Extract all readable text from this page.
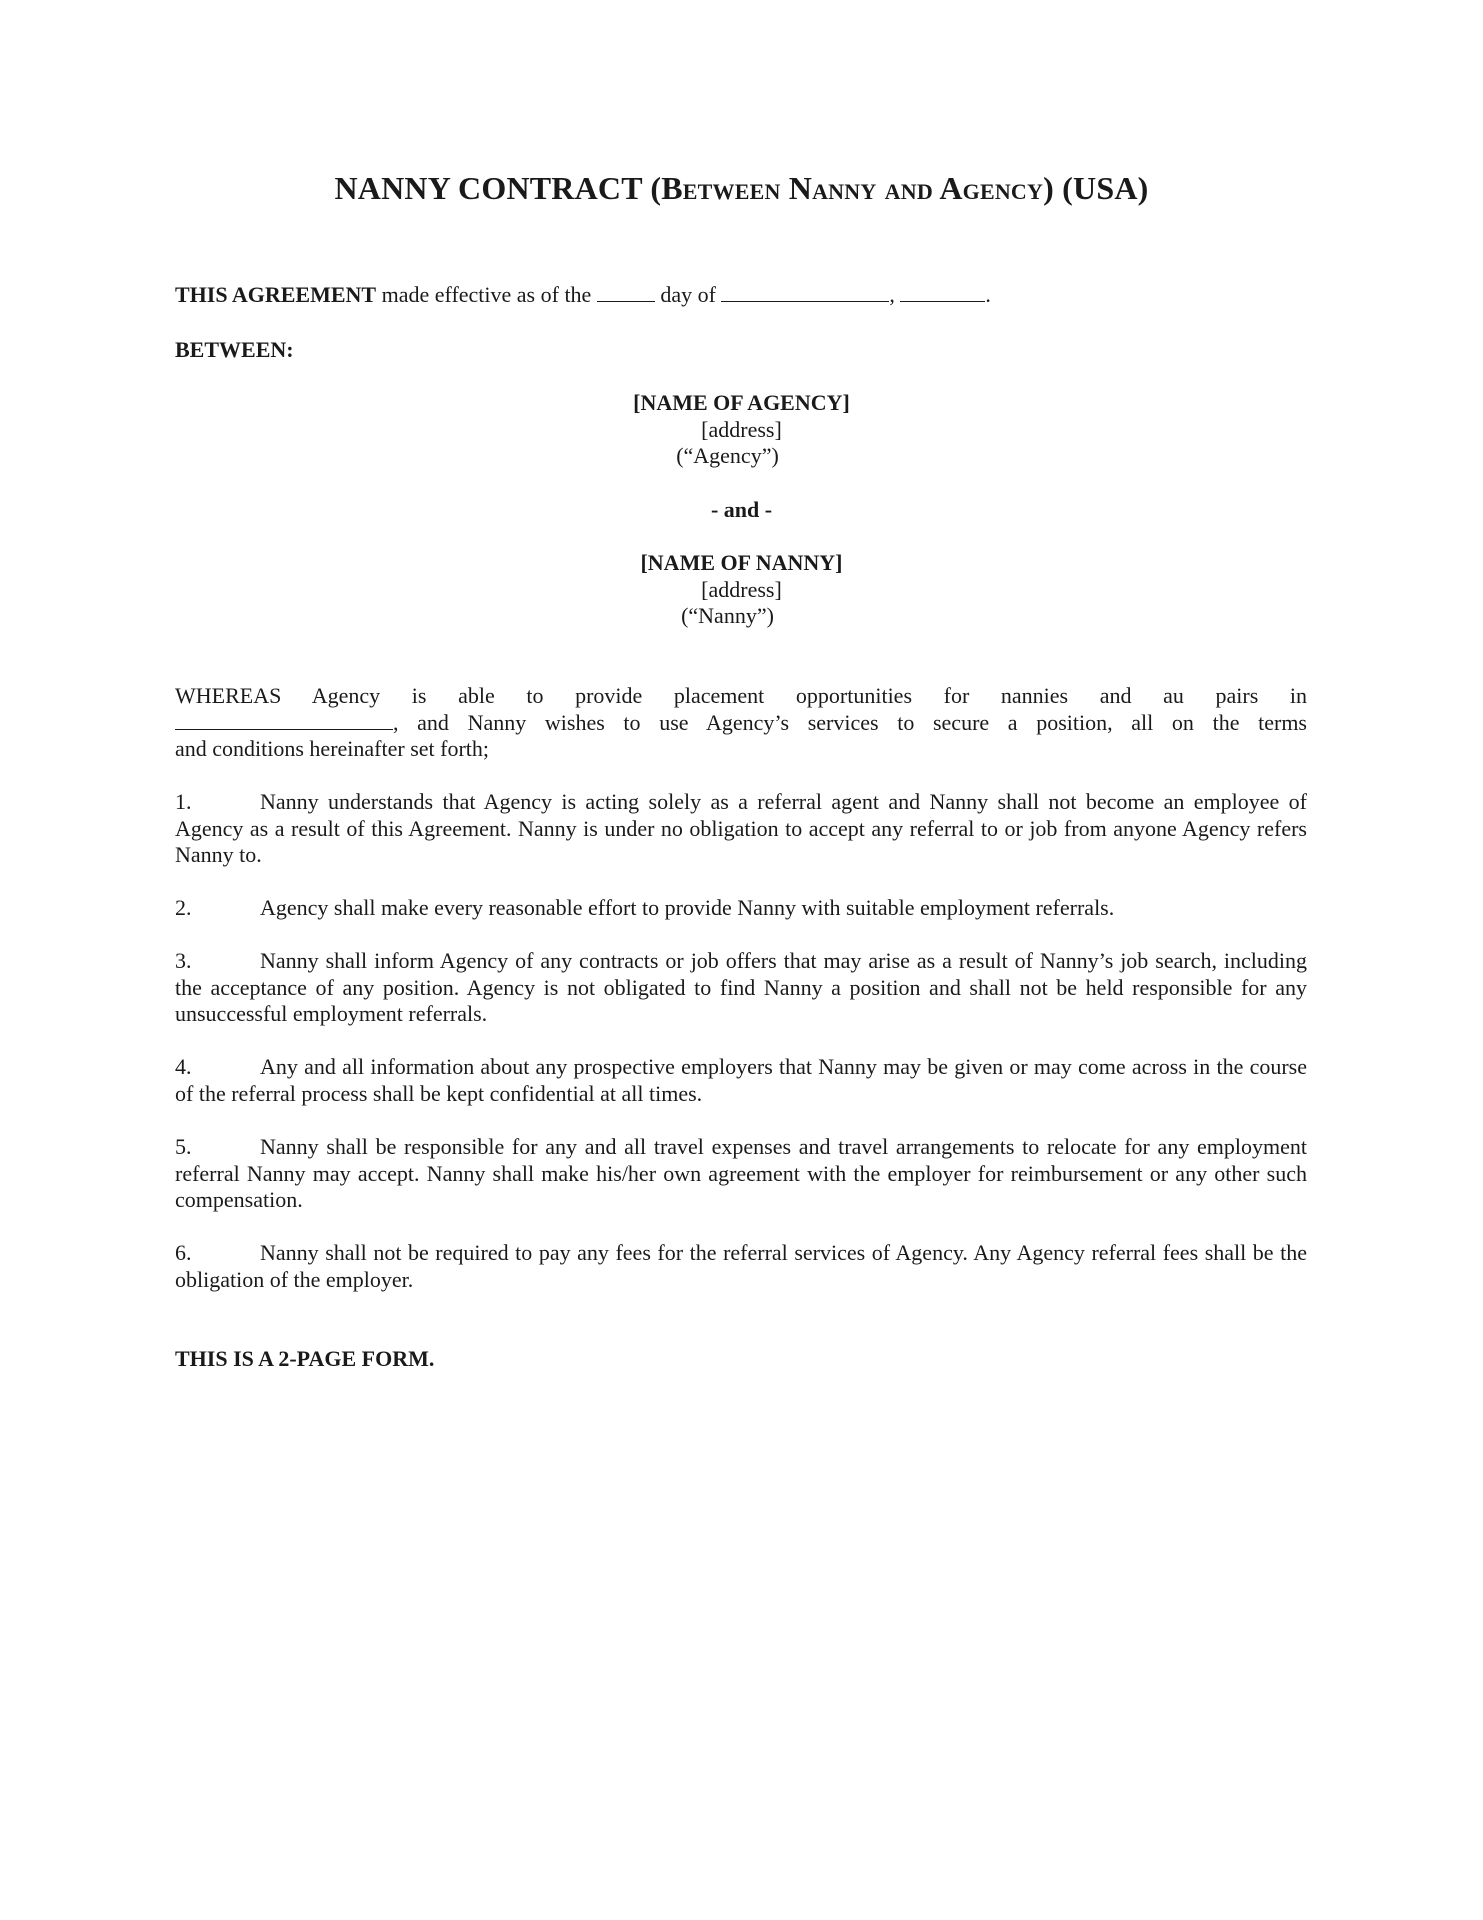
NANNY CONTRACT (Between Nanny and Agency) (USA)
THIS AGREEMENT made effective as of the	day of	,	.
BETWEEN:
[NAME OF AGENCY]
[address]
(“Agency”)
- and -
[NAME OF NANNY]
[address]
(“Nanny”)
WHEREAS Agency is able to provide placement opportunities for nannies and au pairs in
, and Nanny wishes to use Agency’s services to secure a position, all on the terms
and conditions hereinafter set forth;
1.	Nanny understands that Agency is acting solely as a referral agent and Nanny shall not become an employee of Agency as a result of this Agreement. Nanny is under no obligation to accept any referral to or job from anyone Agency refers Nanny to.
2.	Agency shall make every reasonable effort to provide Nanny with suitable employment referrals.
3.	Nanny shall inform Agency of any contracts or job offers that may arise as a result of Nanny’s job search, including the acceptance of any position. Agency is not obligated to find Nanny a position and shall not be held responsible for any unsuccessful employment referrals.
4.	Any and all information about any prospective employers that Nanny may be given or may come across in the course of the referral process shall be kept confidential at all times.
5.	Nanny shall be responsible for any and all travel expenses and travel arrangements to relocate for any employment referral Nanny may accept. Nanny shall make his/her own agreement with the employer for reimbursement or any other such compensation.
6.	Nanny shall not be required to pay any fees for the referral services of Agency. Any Agency referral fees shall be the obligation of the employer.
THIS IS A 2-PAGE FORM.
